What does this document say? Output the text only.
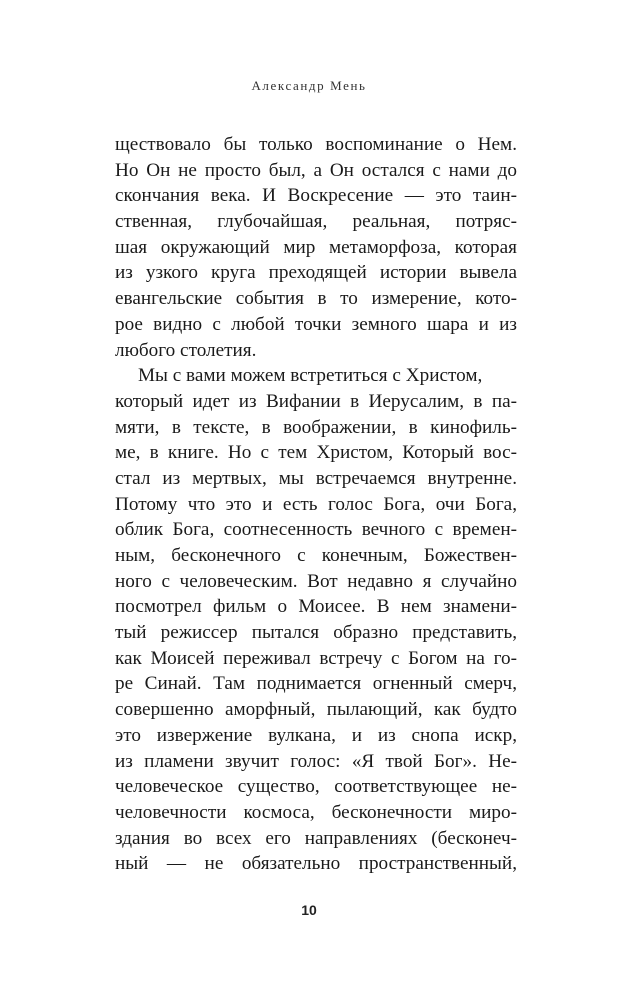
Александр Мень
ществовало бы только воспоминание о Нем.
Но Он не просто был, а Он остался с нами до
скончания века. И Воскресение — это таин-
ственная, глубочайшая, реальная, потряс-
шая окружающий мир метаморфоза, которая
из узкого круга преходящей истории вывела
евангельские события в то измерение, кото-
рое видно с любой точки земного шара и из
любого столетия.
Мы с вами можем встретиться с Христом,
который идет из Вифании в Иерусалим, в па-
мяти, в тексте, в воображении, в кинофиль-
ме, в книге. Но с тем Христом, Который вос-
стал из мертвых, мы встречаемся внутренне.
Потому что это и есть голос Бога, очи Бога,
облик Бога, соотнесенность вечного с времен-
ным, бесконечного с конечным, Божествен-
ного с человеческим. Вот недавно я случайно
посмотрел фильм о Моисее. В нем знамени-
тый режиссер пытался образно представить,
как Моисей переживал встречу с Богом на го-
ре Синай. Там поднимается огненный смерч,
совершенно аморфный, пылающий, как будто
это извержение вулкана, и из снопа искр,
из пламени звучит голос: «Я твой Бог». Не-
человеческое существо, соответствующее не-
человечности космоса, бесконечности миро-
здания во всех его направлениях (бесконеч-
ный — не обязательно пространственный,
10
